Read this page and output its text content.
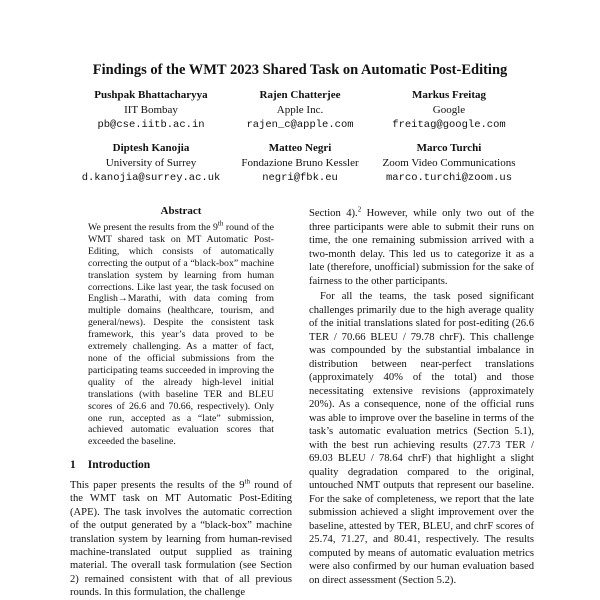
Findings of the WMT 2023 Shared Task on Automatic Post-Editing
Pushpak Bhattacharyya
IIT Bombay
pb@cse.iitb.ac.in
Rajen Chatterjee
Apple Inc.
rajen_c@apple.com
Markus Freitag
Google
freitag@google.com
Diptesh Kanojia
University of Surrey
d.kanojia@surrey.ac.uk
Matteo Negri
Fondazione Bruno Kessler
negri@fbk.eu
Marco Turchi
Zoom Video Communications
marco.turchi@zoom.us
Abstract
We present the results from the 9th round of the WMT shared task on MT Automatic Post-Editing, which consists of automatically correcting the output of a “black-box” machine translation system by learning from human corrections. Like last year, the task focused on English→Marathi, with data coming from multiple domains (healthcare, tourism, and general/news). Despite the consistent task framework, this year’s data proved to be extremely challenging. As a matter of fact, none of the official submissions from the participating teams succeeded in improving the quality of the already high-level initial translations (with baseline TER and BLEU scores of 26.6 and 70.66, respectively). Only one run, accepted as a “late” submission, achieved automatic evaluation scores that exceeded the baseline.
1 Introduction
This paper presents the results of the 9th round of the WMT task on MT Automatic Post-Editing (APE). The task involves the automatic correction of the output generated by a “black-box” machine translation system by learning from human-revised machine-translated output supplied as training material. The overall task formulation (see Section 2) remained consistent with that of all previous rounds. In this formulation, the challenge

Section 4).$^2$ However, while only two out of the three participants were able to submit their runs on time, the one remaining submission arrived with a two-month delay. This led us to categorize it as a late (therefore, unofficial) submission for the sake of fairness to the other participants.

For all the teams, the task posed significant challenges primarily due to the high average quality of the initial translations slated for post-editing (26.6 TER / 70.66 BLEU / 79.78 chrF). This challenge was compounded by the substantial imbalance in distribution between near-perfect translations (approximately 40% of the total) and those necessitating extensive revisions (approximately 20%). As a consequence, none of the official runs was able to improve over the baseline in terms of the task’s automatic evaluation metrics (Section 5.1), with the best run achieving results (27.73 TER / 69.03 BLEU / 78.64 chrF) that highlight a slight quality degradation compared to the original, untouched NMT outputs that represent our baseline. For the sake of completeness, we report that the late submission achieved a slight improvement over the baseline, attested by TER, BLEU, and chrF scores of 25.74, 71.27, and 80.41, respectively. The results computed by means of automatic evaluation metrics were also confirmed by our human evaluation based on direct assessment (Section 5.2).
